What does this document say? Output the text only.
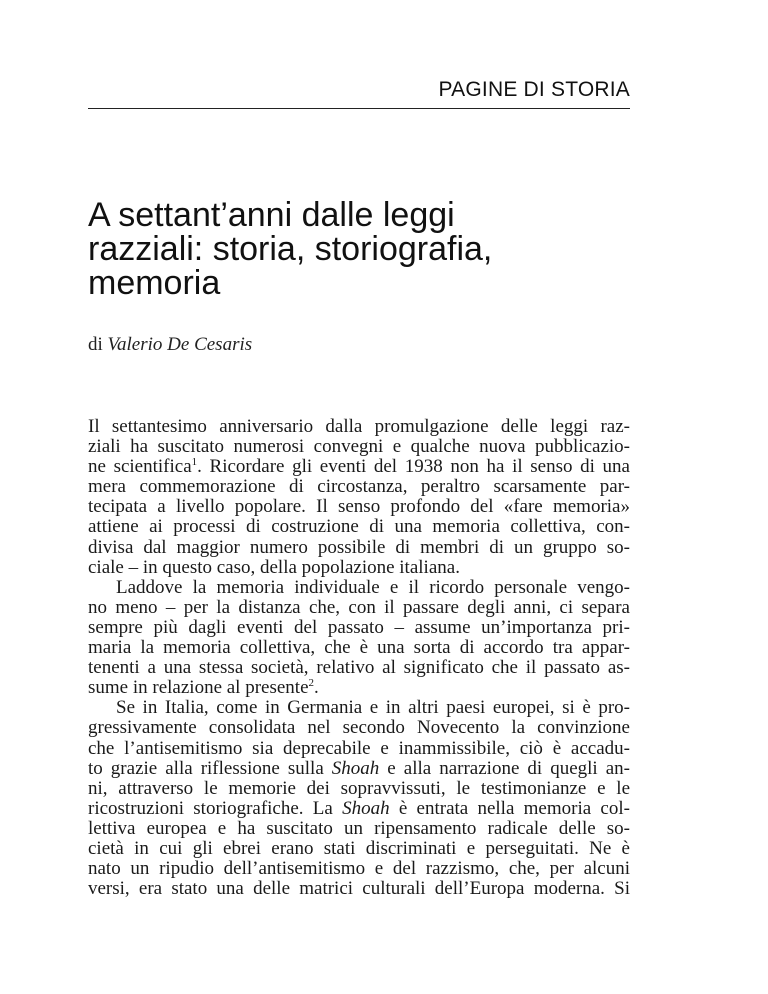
PAGINE DI STORIA
A settant’anni dalle leggi
razziali: storia, storiografia,
memoria
di Valerio De Cesaris

Il settantesimo anniversario dalla promulgazione delle leggi raz-
ziali ha suscitato numerosi convegni e qualche nuova pubblicazio-
ne scientifica$^1$. Ricordare gli eventi del 1938 non ha il senso di una
mera commemorazione di circostanza, peraltro scarsamente par-
tecipata a livello popolare. Il senso profondo del «fare memoria»
attiene ai processi di costruzione di una memoria collettiva, con-
divisa dal maggior numero possibile di membri di un gruppo so-
ciale – in questo caso, della popolazione italiana.

Laddove la memoria individuale e il ricordo personale vengo-
no meno – per la distanza che, con il passare degli anni, ci separa
sempre più dagli eventi del passato – assume un’importanza pri-
maria la memoria collettiva, che è una sorta di accordo tra appar-
tenenti a una stessa società, relativo al significato che il passato as-
sume in relazione al presente$^2$.

Se in Italia, come in Germania e in altri paesi europei, si è pro-
gressivamente consolidata nel secondo Novecento la convinzione
che l’antisemitismo sia deprecabile e inammissibile, ciò è accadu-
to grazie alla riflessione sulla Shoah e alla narrazione di quegli an-
ni, attraverso le memorie dei sopravvissuti, le testimonianze e le
ricostruzioni storiografiche. La Shoah è entrata nella memoria col-
lettiva europea e ha suscitato un ripensamento radicale delle so-
cietà in cui gli ebrei erano stati discriminati e perseguitati. Ne è
nato un ripudio dell’antisemitismo e del razzismo, che, per alcuni
versi, era stato una delle matrici culturali dell’Europa moderna. Si
